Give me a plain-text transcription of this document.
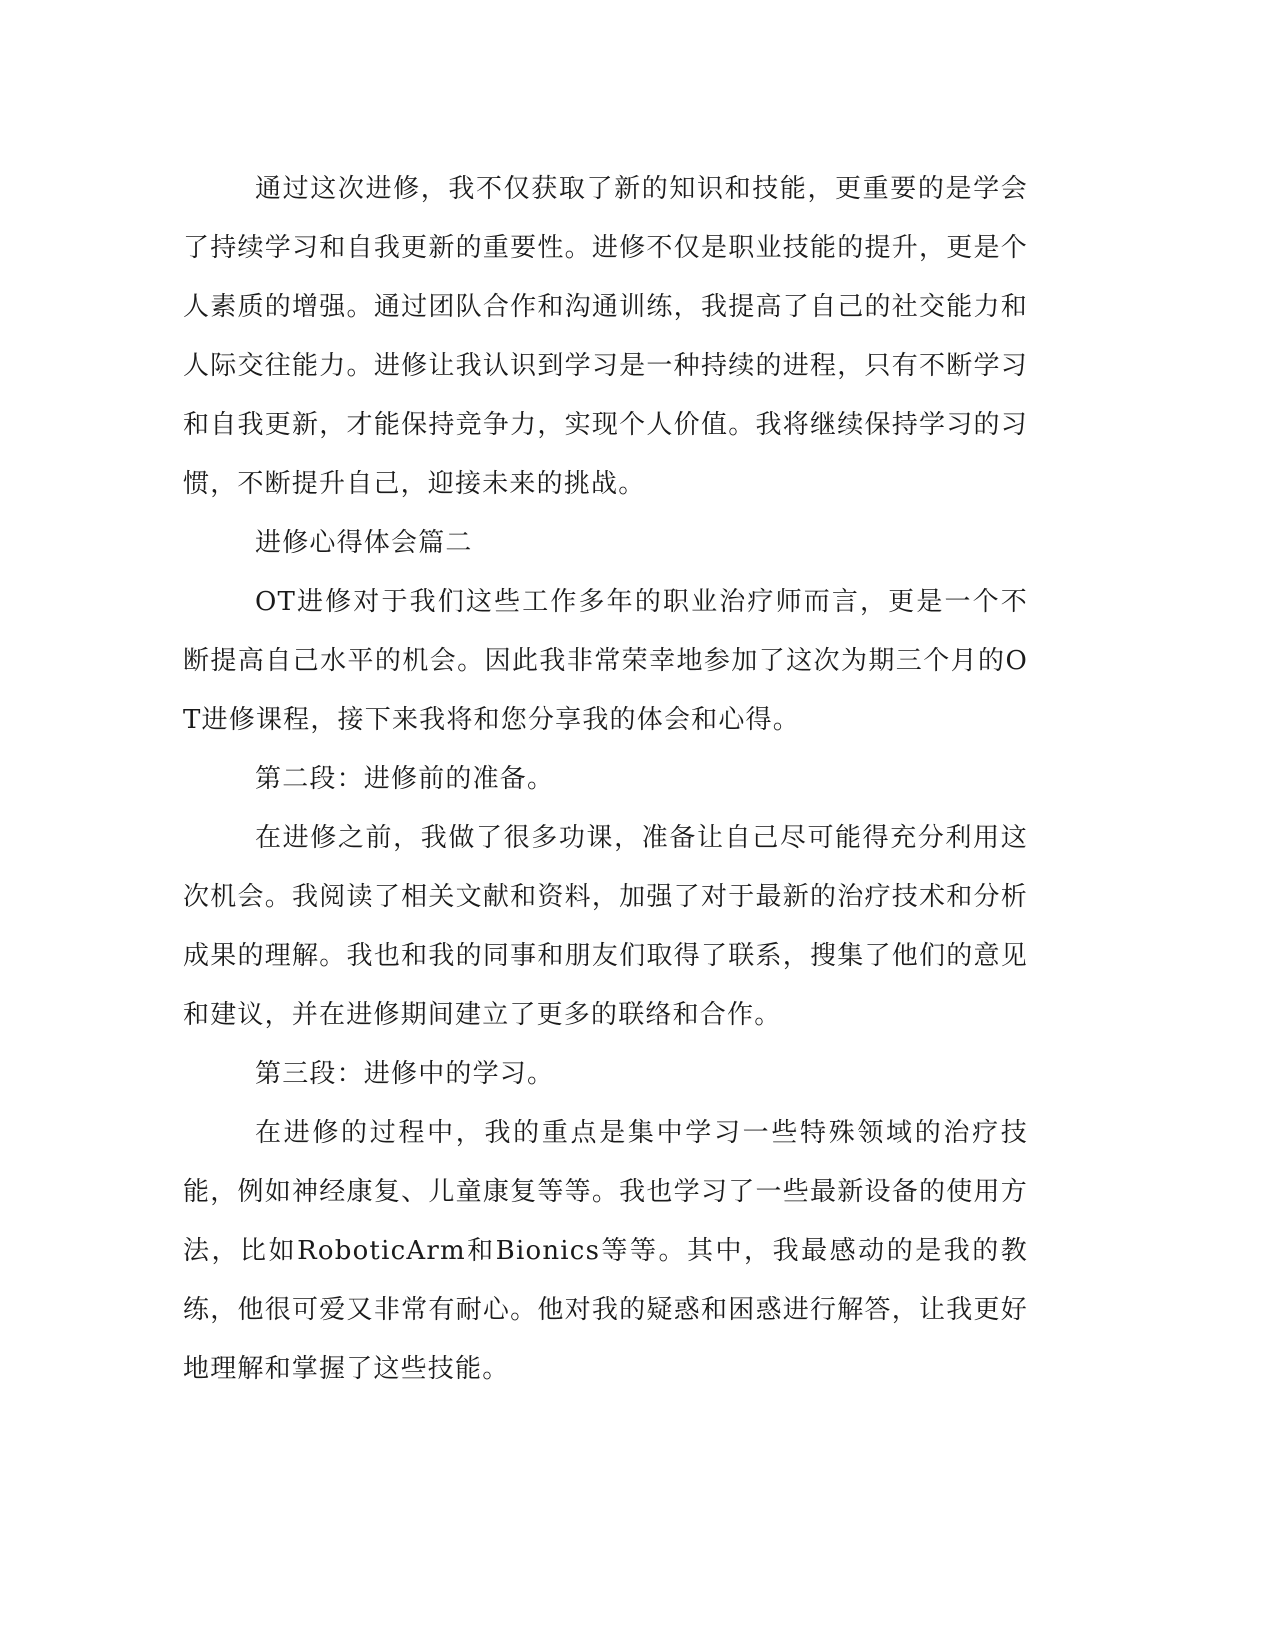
通过这次进修，我不仅获取了新的知识和技能，更重要的是学会了持续学习和自我更新的重要性。进修不仅是职业技能的提升，更是个人素质的增强。通过团队合作和沟通训练，我提高了自己的社交能力和人际交往能力。进修让我认识到学习是一种持续的进程，只有不断学习和自我更新，才能保持竞争力，实现个人价值。我将继续保持学习的习惯，不断提升自己，迎接未来的挑战。

进修心得体会篇二

OT进修对于我们这些工作多年的职业治疗师而言，更是一个不断提高自己水平的机会。因此我非常荣幸地参加了这次为期三个月的OT进修课程，接下来我将和您分享我的体会和心得。

第二段：进修前的准备。

在进修之前，我做了很多功课，准备让自己尽可能得充分利用这次机会。我阅读了相关文献和资料，加强了对于最新的治疗技术和分析成果的理解。我也和我的同事和朋友们取得了联系，搜集了他们的意见和建议，并在进修期间建立了更多的联络和合作。

第三段：进修中的学习。

在进修的过程中，我的重点是集中学习一些特殊领域的治疗技能，例如神经康复、儿童康复等等。我也学习了一些最新设备的使用方法，比如RoboticArm和Bionics等等。其中，我最感动的是我的教练，他很可爱又非常有耐心。他对我的疑惑和困惑进行解答，让我更好地理解和掌握了这些技能。
